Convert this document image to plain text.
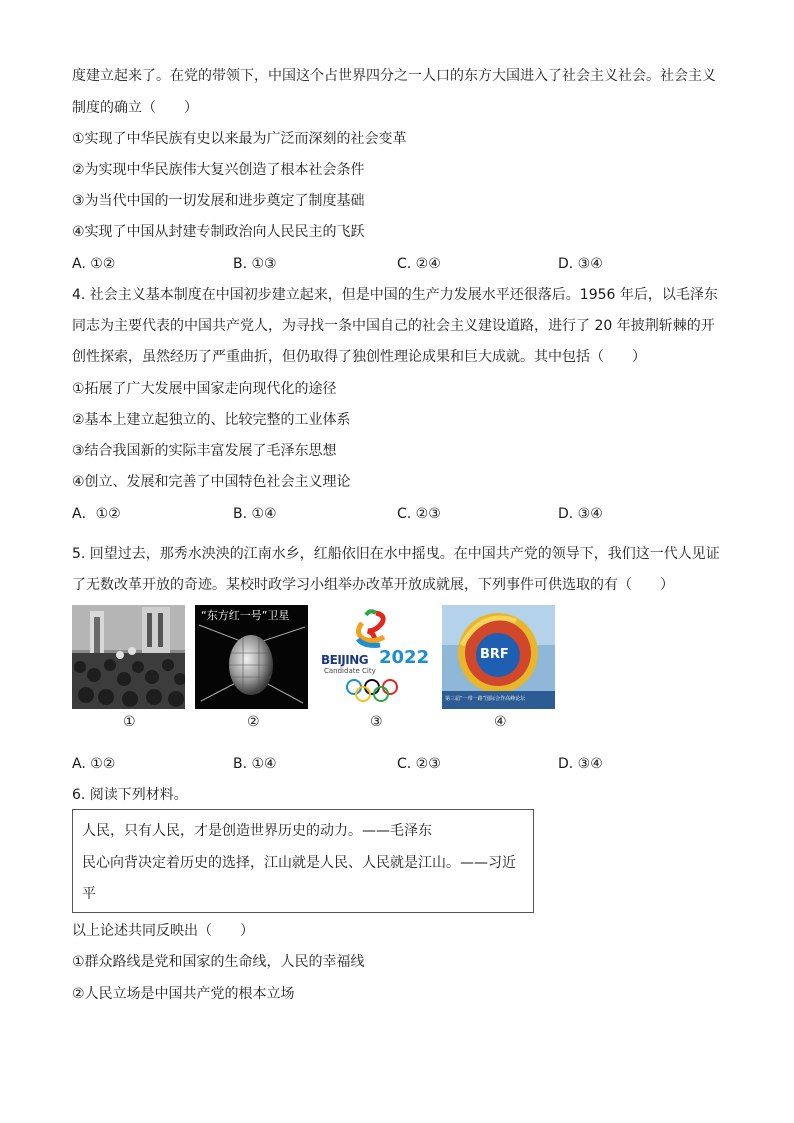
度建立起来了。在党的带领下，中国这个占世界四分之一人口的东方大国进入了社会主义社会。社会主义
制度的确立（　　）
①实现了中华民族有史以来最为广泛而深刻的社会变革
②为实现中华民族伟大复兴创造了根本社会条件
③为当代中国的一切发展和进步奠定了制度基础
④实现了中国从封建专制政治向人民民主的飞跃
A. ①②	B. ①③	C. ②④	D. ③④
4. 社会主义基本制度在中国初步建立起来，但是中国的生产力发展水平还很落后。1956 年后，以毛泽东
同志为主要代表的中国共产党人，为寻找一条中国自己的社会主义建设道路，进行了 20 年披荆斩棘的开
创性探索，虽然经历了严重曲折，但仍取得了独创性理论成果和巨大成就。其中包括（　　）
①拓展了广大发展中国家走向现代化的途径
②基本上建立起独立的、比较完整的工业体系
③结合我国新的实际丰富发展了毛泽东思想
④创立、发展和完善了中国特色社会主义理论
A．①②	B. ①④	C. ②③	D. ③④
5. 回望过去，那秀水泱泱的江南水乡，红船依旧在水中摇曳。在中国共产党的领导下，我们这一代人见证
了无数改革开放的奇迹。某校时政学习小组举办改革开放成就展，下列事件可供选取的有（　　）
“东方红一号”卫星
BEIJING 2022
Candidate City
BRF
第三届“一带一路”国际合作高峰论坛
①	②	③	④
A. ①②	B. ①④	C. ②③	D. ③④
6. 阅读下列材料。
人民，只有人民，才是创造世界历史的动力。——毛泽东
民心向背决定着历史的选择，江山就是人民、人民就是江山。——习近
平
以上论述共同反映出（　　）
①群众路线是党和国家的生命线，人民的幸福线
②人民立场是中国共产党的根本立场
